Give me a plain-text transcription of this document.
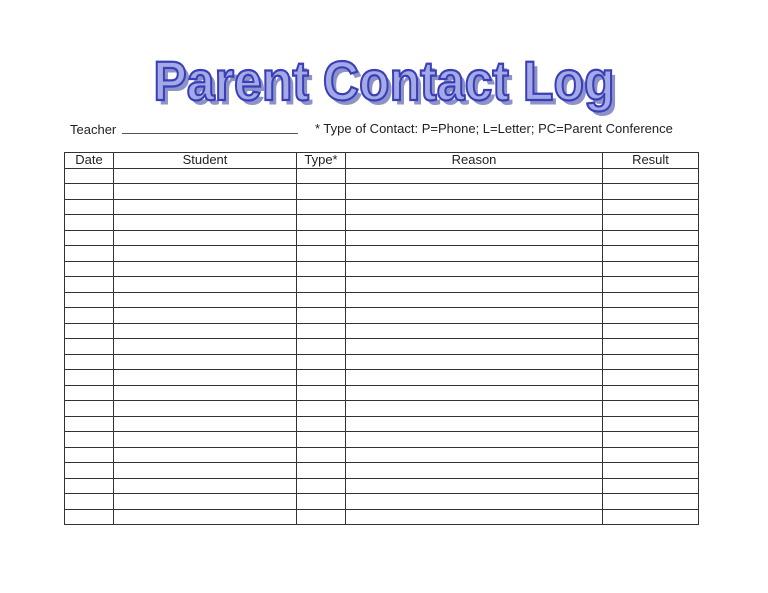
Parent Contact Log
Teacher	* Type of Contact: P=Phone; L=Letter; PC=Parent Conference
Date	Student	Type*	Reason	Result
